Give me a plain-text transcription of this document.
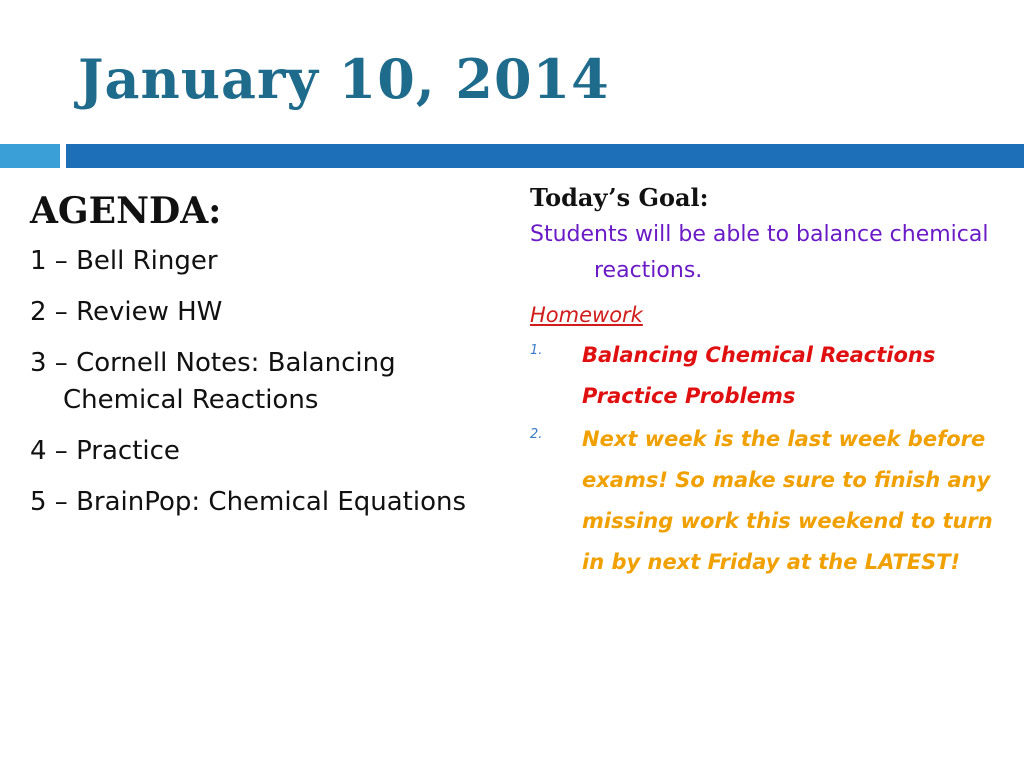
January 10, 2014
AGENDA:
1 – Bell Ringer
2 – Review HW
3 – Cornell Notes: Balancing Chemical Reactions
4 – Practice
5 – BrainPop: Chemical Equations
Today’s Goal:
Students will be able to balance chemical reactions.
Homework
1. Balancing Chemical Reactions Practice Problems
2. Next week is the last week before exams! So make sure to finish any missing work this weekend to turn in by next Friday at the LATEST!
